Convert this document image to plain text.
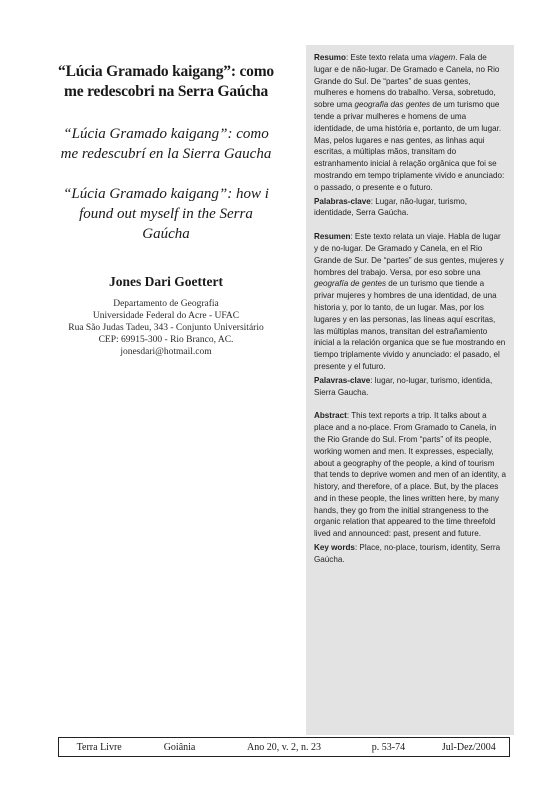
“Lúcia Gramado kaigang”: como
me redescobri na Serra Gaúcha

“Lúcia Gramado kaigang”: como
me redescubrí en la Sierra Gaucha

“Lúcia Gramado kaigang”: how i
found out myself in the Serra
Gaúcha

Jones Dari Goettert
Departamento de Geografia
Universidade Federal do Acre - UFAC
Rua São Judas Tadeu, 343 - Conjunto Universitário
CEP: 69915-300 - Rio Branco, AC.
jonesdari@hotmail.com

Resumo: Este texto relata uma viagem. Fala de lugar e de não-lugar. De Gramado e Canela, no Rio Grande do Sul. De “partes” de suas gentes, mulheres e homens do trabalho. Versa, sobretudo, sobre uma geografia das gentes de um turismo que tende a privar mulheres e homens de uma identidade, de uma história e, portanto, de um lugar. Mas, pelos lugares e nas gentes, as linhas aqui escritas, a múltiplas mãos, transitam do estranhamento inicial à relação orgânica que foi se mostrando em tempo triplamente vivido e anunciado: o passado, o presente e o futuro.

Palabras-clave: Lugar, não-lugar, turismo, identidade, Serra Gaúcha.

Resumen: Este texto relata un viaje. Habla de lugar y de no-lugar. De Gramado y Canela, en el Rio Grande de Sur. De “partes” de sus gentes, mujeres y hombres del trabajo. Versa, por eso sobre una geografía de gentes de un turismo que tiende a privar mujeres y hombres de una identidad, de una historia y, por lo tanto, de un lugar. Mas, por los lugares y en las personas, las líneas aquí escritas, las múltiplas manos, transitan del estrañamiento inicial a la relación organica que se fue mostrando en tiempo triplamente vivido y anunciado: el pasado, el presente y el futuro.

Palavras-clave: lugar, no-lugar, turismo, identida, Sierra Gaucha.

Abstract: This text reports a trip. It talks about a place and a no-place. From Gramado to Canela, in the Rio Grande do Sul. From “parts” of its people, working women and men. It expresses, especially, about a geography of the people, a kind of tourism that tends to deprive women and men of an identity, a history, and therefore, of a place. But, by the places and in these people, the lines written here, by many hands, they go from the initial strangeness to the organic relation that appeared to the time threefold lived and announced: past, present and future.

Key words: Place, no-place, tourism, identity, Serra Gaúcha.

Terra Livre	Goiânia	Ano 20, v. 2, n. 23	p. 53-74	Jul-Dez/2004
